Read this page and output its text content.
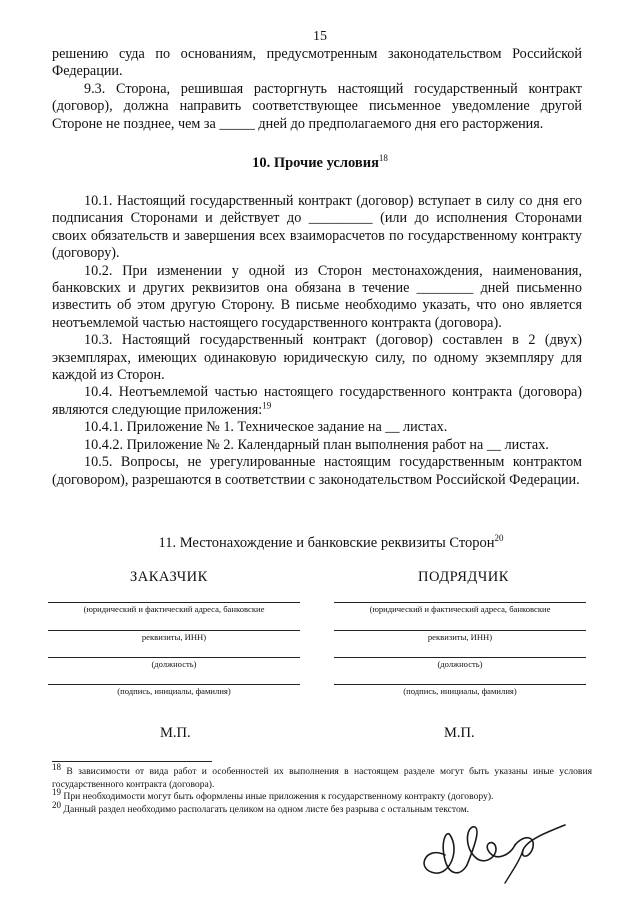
15

решению суда по основаниям, предусмотренным законодательством Российской Федерации.

9.3. Сторона, решившая расторгнуть настоящий государственный контракт (договор), должна направить соответствующее письменное уведомление другой Стороне не позднее, чем за _____ дней до предполагаемого дня его расторжения.

10. Прочие условия$^{18}$

10.1. Настоящий государственный контракт (договор) вступает в силу со дня его подписания Сторонами и действует до _________ (или до исполнения Сторонами своих обязательств и завершения всех взаиморасчетов по государственному контракту (договору).

10.2. При изменении у одной из Сторон местонахождения, наименования, банковских и других реквизитов она обязана в течение ________ дней письменно известить об этом другую Сторону. В письме необходимо указать, что оно является неотъемлемой частью настоящего государственного контракта (договора).

10.3. Настоящий государственный контракт (договор) составлен в 2 (двух) экземплярах, имеющих одинаковую юридическую силу, по одному экземпляру для каждой из Сторон.

10.4. Неотъемлемой частью настоящего государственного контракта (договора) являются следующие приложения:$^{19}$

10.4.1. Приложение № 1. Техническое задание на __ листах.

10.4.2. Приложение № 2. Календарный план выполнения работ на __ листах.

10.5. Вопросы, не урегулированные настоящим государственным контрактом (договором), разрешаются в соответствии с законодательством Российской Федерации.

11. Местонахождение и банковские реквизиты Сторон$^{20}$
ЗАКАЗЧИК	ПОДРЯДЧИК
(юридический и фактический адреса, банковские
реквизиты, ИНН)
(должность)
(подпись, инициалы, фамилия)
(юридический и фактический адреса, банковские
реквизиты, ИНН)
(должность)
(подпись, инициалы, фамилия)
М.П.	М.П.

$^{18}$ В зависимости от вида работ и особенностей их выполнения в настоящем разделе могут быть указаны иные условия государственного контракта (договора).

$^{19}$ При необходимости могут быть оформлены иные приложения к государственному контракту (договору).

$^{20}$ Данный раздел необходимо располагать целиком на одном листе без разрыва с остальным текстом.
